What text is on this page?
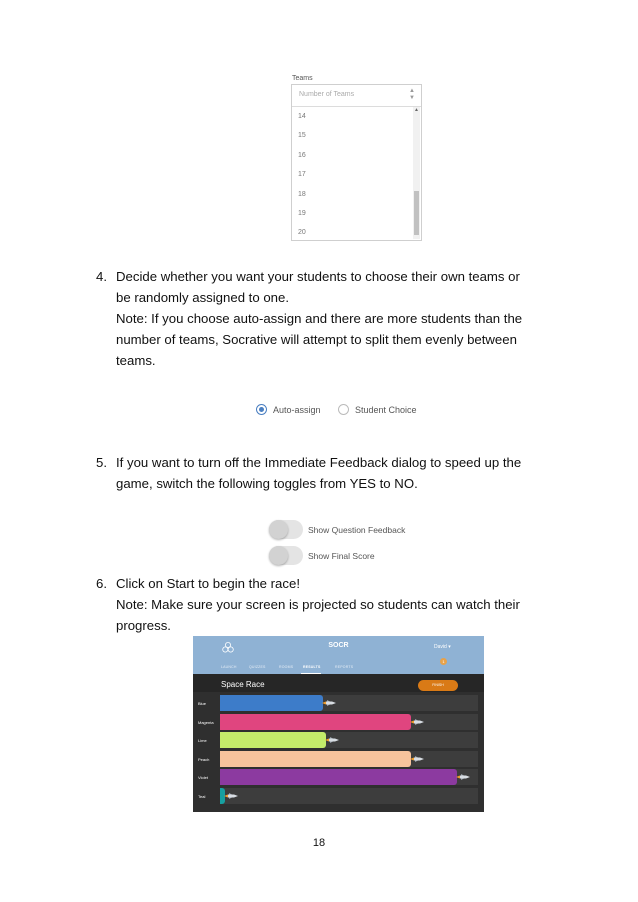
Teams
Number of Teams	▲
▼
14
15
16
17
18
19
20
▲
4. Decide whether you want your students to choose their own teams or
be randomly assigned to one.
Note: If you choose auto-assign and there are more students than the
number of teams, Socrative will attempt to split them evenly between
teams.
Auto-assign	Student Choice
5. If you want to turn off the Immediate Feedback dialog to speed up the
game, switch the following toggles from YES to NO.
Show Question Feedback
Show Final Score
6. Click on Start to begin the race!
Note: Make sure your screen is projected so students can watch their
progress.
SOCR	David ▾
1
LAUNCH	QUIZZES	ROOMS	RESULTS	REPORTS
Space Race	FINISH
Blue
Magenta
Lime
Peach
Violet
Teal
18
